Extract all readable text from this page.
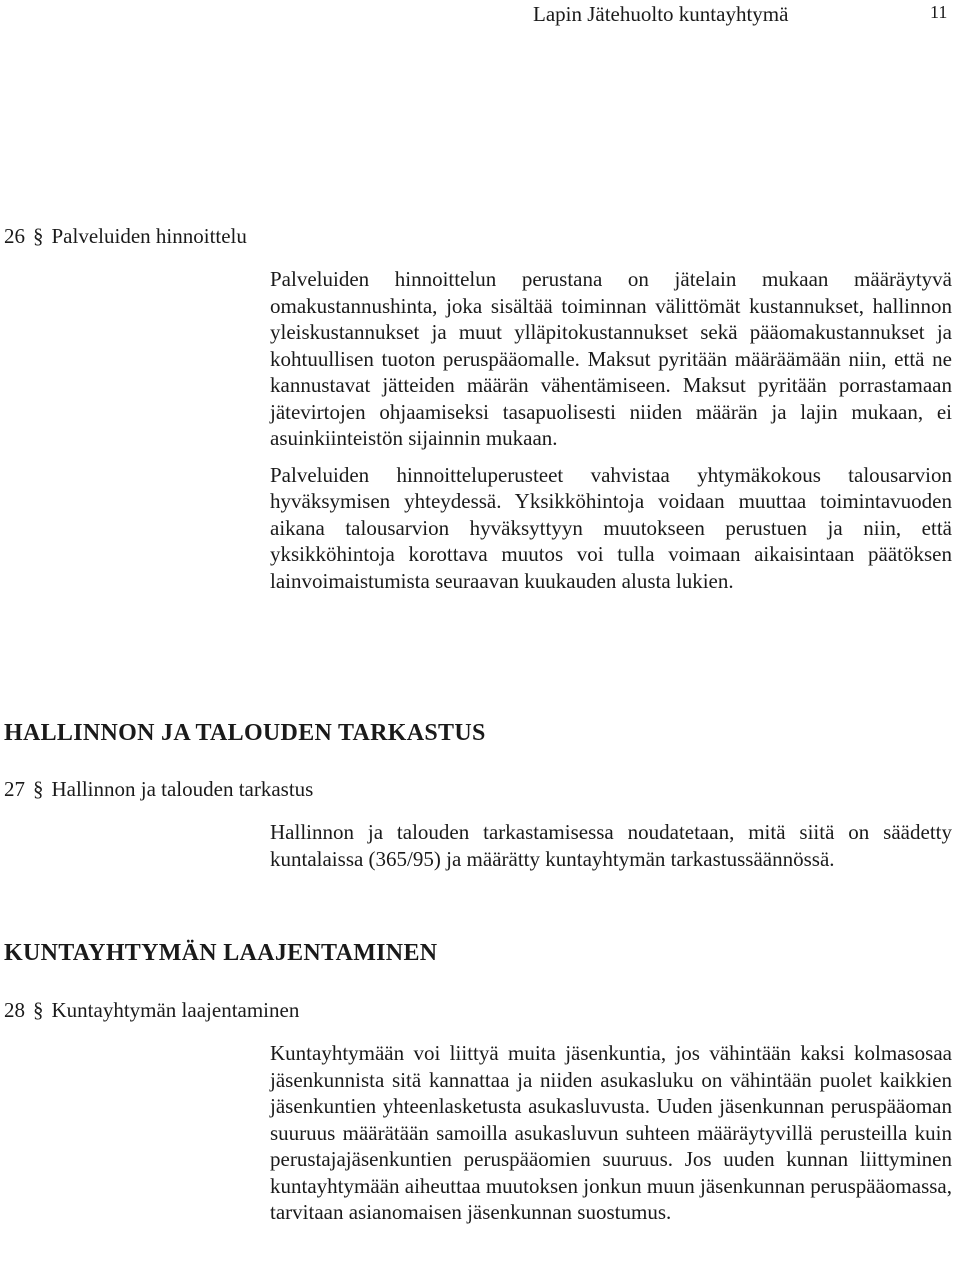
Lapin Jätehuolto kuntayhtymä	11
26 § Palveluiden hinnoittelu

Palveluiden hinnoittelun perustana on jätelain mukaan määräytyvä omakustannushinta, joka sisältää toiminnan välittömät kustannukset, hallinnon yleiskustannukset ja muut ylläpitokustannukset sekä pääomakustannukset ja kohtuullisen tuoton peruspääomalle. Maksut pyritään määräämään niin, että ne kannustavat jätteiden määrän vähentämiseen. Maksut pyritään porrastamaan jätevirtojen ohjaamiseksi tasapuolisesti niiden määrän ja lajin mukaan, ei asuinkiinteistön sijainnin mukaan.

Palveluiden hinnoitteluperusteet vahvistaa yhtymäkokous talousarvion hyväksymisen yhteydessä. Yksikköhintoja voidaan muuttaa toimintavuoden aikana talousarvion hyväksyttyyn muutokseen perustuen ja niin, että yksikköhintoja korottava muutos voi tulla voimaan aikaisintaan päätöksen lainvoimaistumista seuraavan kuukauden alusta lukien.

HALLINNON JA TALOUDEN TARKASTUS
27 § Hallinnon ja talouden tarkastus

Hallinnon ja talouden tarkastamisessa noudatetaan, mitä siitä on säädetty kuntalaissa (365/95) ja määrätty kuntayhtymän tarkastussäännössä.

KUNTAYHTYMÄN LAAJENTAMINEN
28 § Kuntayhtymän laajentaminen

Kuntayhtymään voi liittyä muita jäsenkuntia, jos vähintään kaksi kolmasosaa jäsenkunnista sitä kannattaa ja niiden asukasluku on vähintään puolet kaikkien jäsenkuntien yhteenlasketusta asukasluvusta. Uuden jäsenkunnan peruspääoman suuruus määrätään samoilla asukasluvun suhteen määräytyvillä perusteilla kuin perustajajäsenkuntien peruspääomien suuruus. Jos uuden kunnan liittyminen kuntayhtymään aiheuttaa muutoksen jonkun muun jäsenkunnan peruspääomassa, tarvitaan asianomaisen jäsenkunnan suostumus.
